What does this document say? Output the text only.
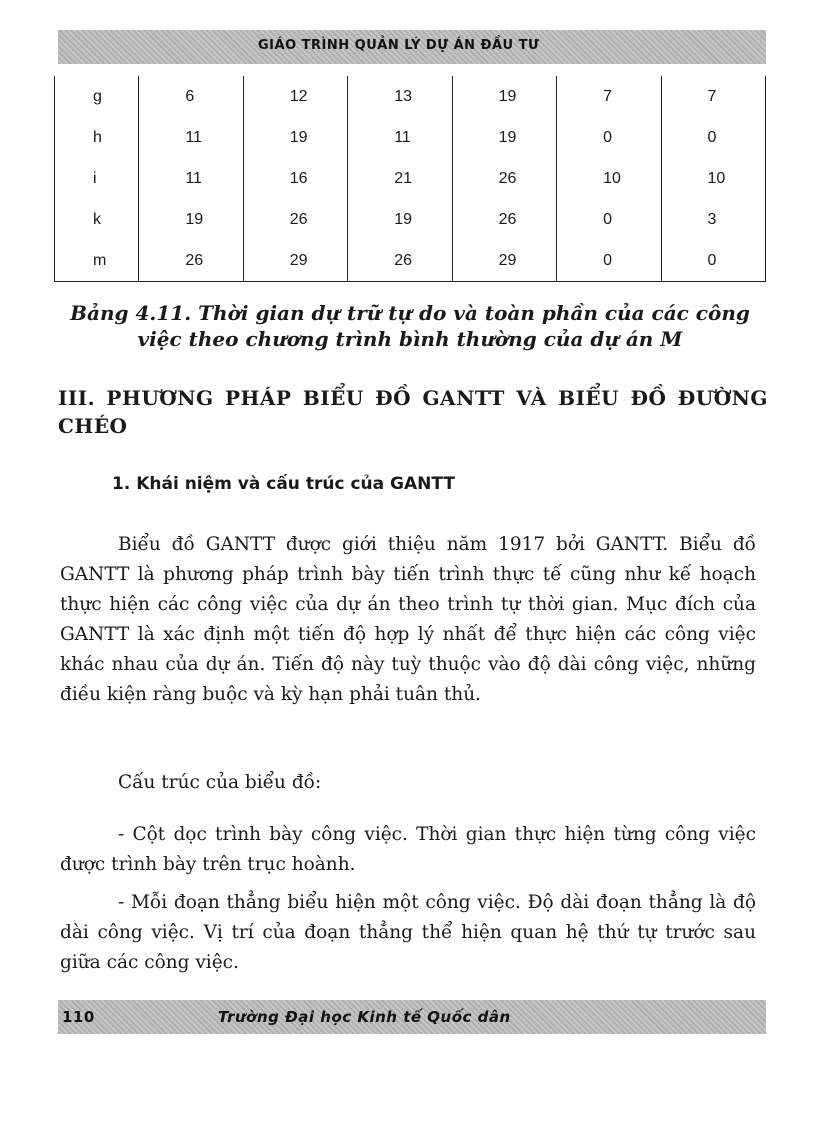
GIÁO TRÌNH QUẢN LÝ DỰ ÁN ĐẦU TƯ
g	6	12	13	19	7	7
h	11	19	11	19	0	0
i	11	16	21	26	10	10
k	19	26	19	26	0	3
m	26	29	26	29	0	0
Bảng 4.11. Thời gian dự trữ tự do và toàn phần của các công việc theo chương trình bình thường của dự án M
III. PHƯƠNG PHÁP BIỂU ĐỒ GANTT VÀ BIỂU ĐỒ ĐƯỜNG CHÉO
1. Khái niệm và cấu trúc của GANTT

Biểu đồ GANTT được giới thiệu năm 1917 bởi GANTT. Biểu đồ GANTT là phương pháp trình bày tiến trình thực tế cũng như kế hoạch thực hiện các công việc của dự án theo trình tự thời gian. Mục đích của GANTT là xác định một tiến độ hợp lý nhất để thực hiện các công việc khác nhau của dự án. Tiến độ này tuỳ thuộc vào độ dài công việc, những điều kiện ràng buộc và kỳ hạn phải tuân thủ.

Cấu trúc của biểu đồ:

- Cột dọc trình bày công việc. Thời gian thực hiện từng công việc được trình bày trên trục hoành.

- Mỗi đoạn thẳng biểu hiện một công việc. Độ dài đoạn thẳng là độ dài công việc. Vị trí của đoạn thẳng thể hiện quan hệ thứ tự trước sau giữa các công việc.

110	Trường Đại học Kinh tế Quốc dân
